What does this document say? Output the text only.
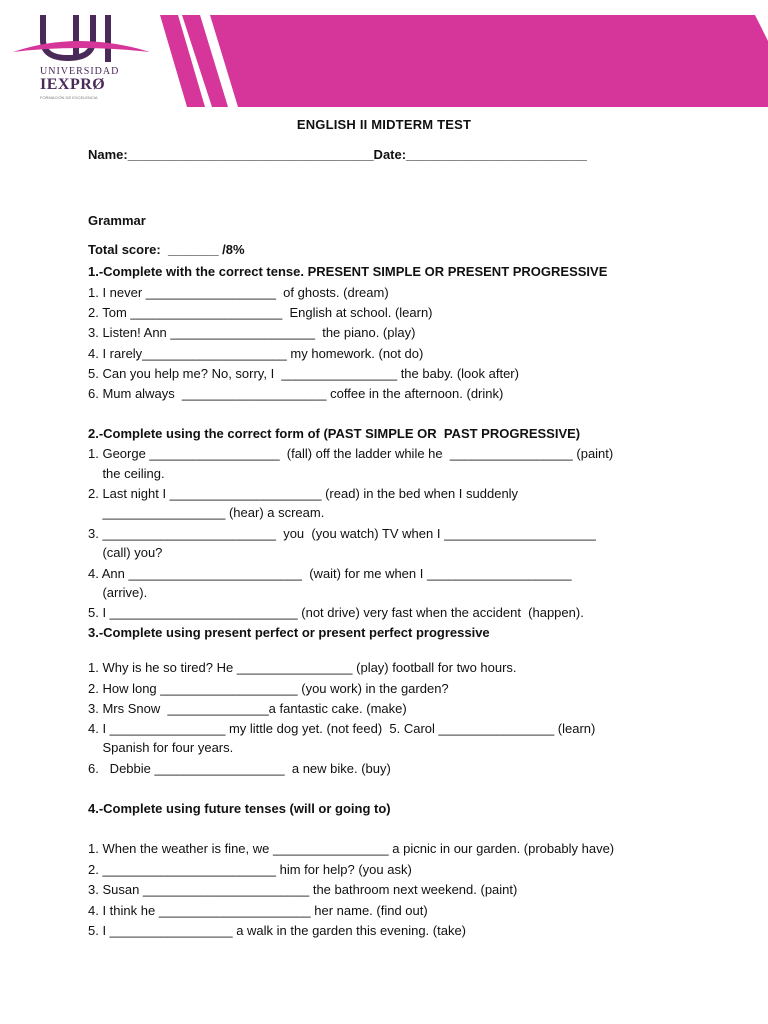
UNIVERSIDAD
IEXPRØ
FORMACIÓN DE EXCELENCIA
ENGLISH II MIDTERM TEST
Name:__________________________________Date:_________________________
Grammar
Total score:  _______ /8%
1.-Complete with the correct tense. PRESENT SIMPLE OR PRESENT PROGRESSIVE
1. I never __________________  of ghosts. (dream)
2. Tom _____________________  English at school. (learn)
3. Listen! Ann ____________________  the piano. (play)
4. I rarely____________________ my homework. (not do)
5. Can you help me? No, sorry, I  ________________ the baby. (look after)
6. Mum always  ____________________ coffee in the afternoon. (drink)
2.-Complete using the correct form of (PAST SIMPLE OR  PAST PROGRESSIVE)
1. George __________________  (fall) off the ladder while he  _________________ (paint)
the ceiling.
2. Last night I _____________________ (read) in the bed when I suddenly
_________________ (hear) a scream.
3. ________________________  you  (you watch) TV when I _____________________
(call) you?
4. Ann ________________________  (wait) for me when I ____________________
(arrive).
5. I __________________________ (not drive) very fast when the accident  (happen).
3.-Complete using present perfect or present perfect progressive
1. Why is he so tired? He ________________ (play) football for two hours.
2. How long ___________________ (you work) in the garden?
3. Mrs Snow  ______________a fantastic cake. (make)
4. I ________________ my little dog yet. (not feed)  5. Carol ________________ (learn)
Spanish for four years.
6.   Debbie __________________  a new bike. (buy)
4.-Complete using future tenses (will or going to)
1. When the weather is fine, we ________________ a picnic in our garden. (probably have)
2. ________________________ him for help? (you ask)
3. Susan _______________________ the bathroom next weekend. (paint)
4. I think he _____________________ her name. (find out)
5. I _________________ a walk in the garden this evening. (take)
